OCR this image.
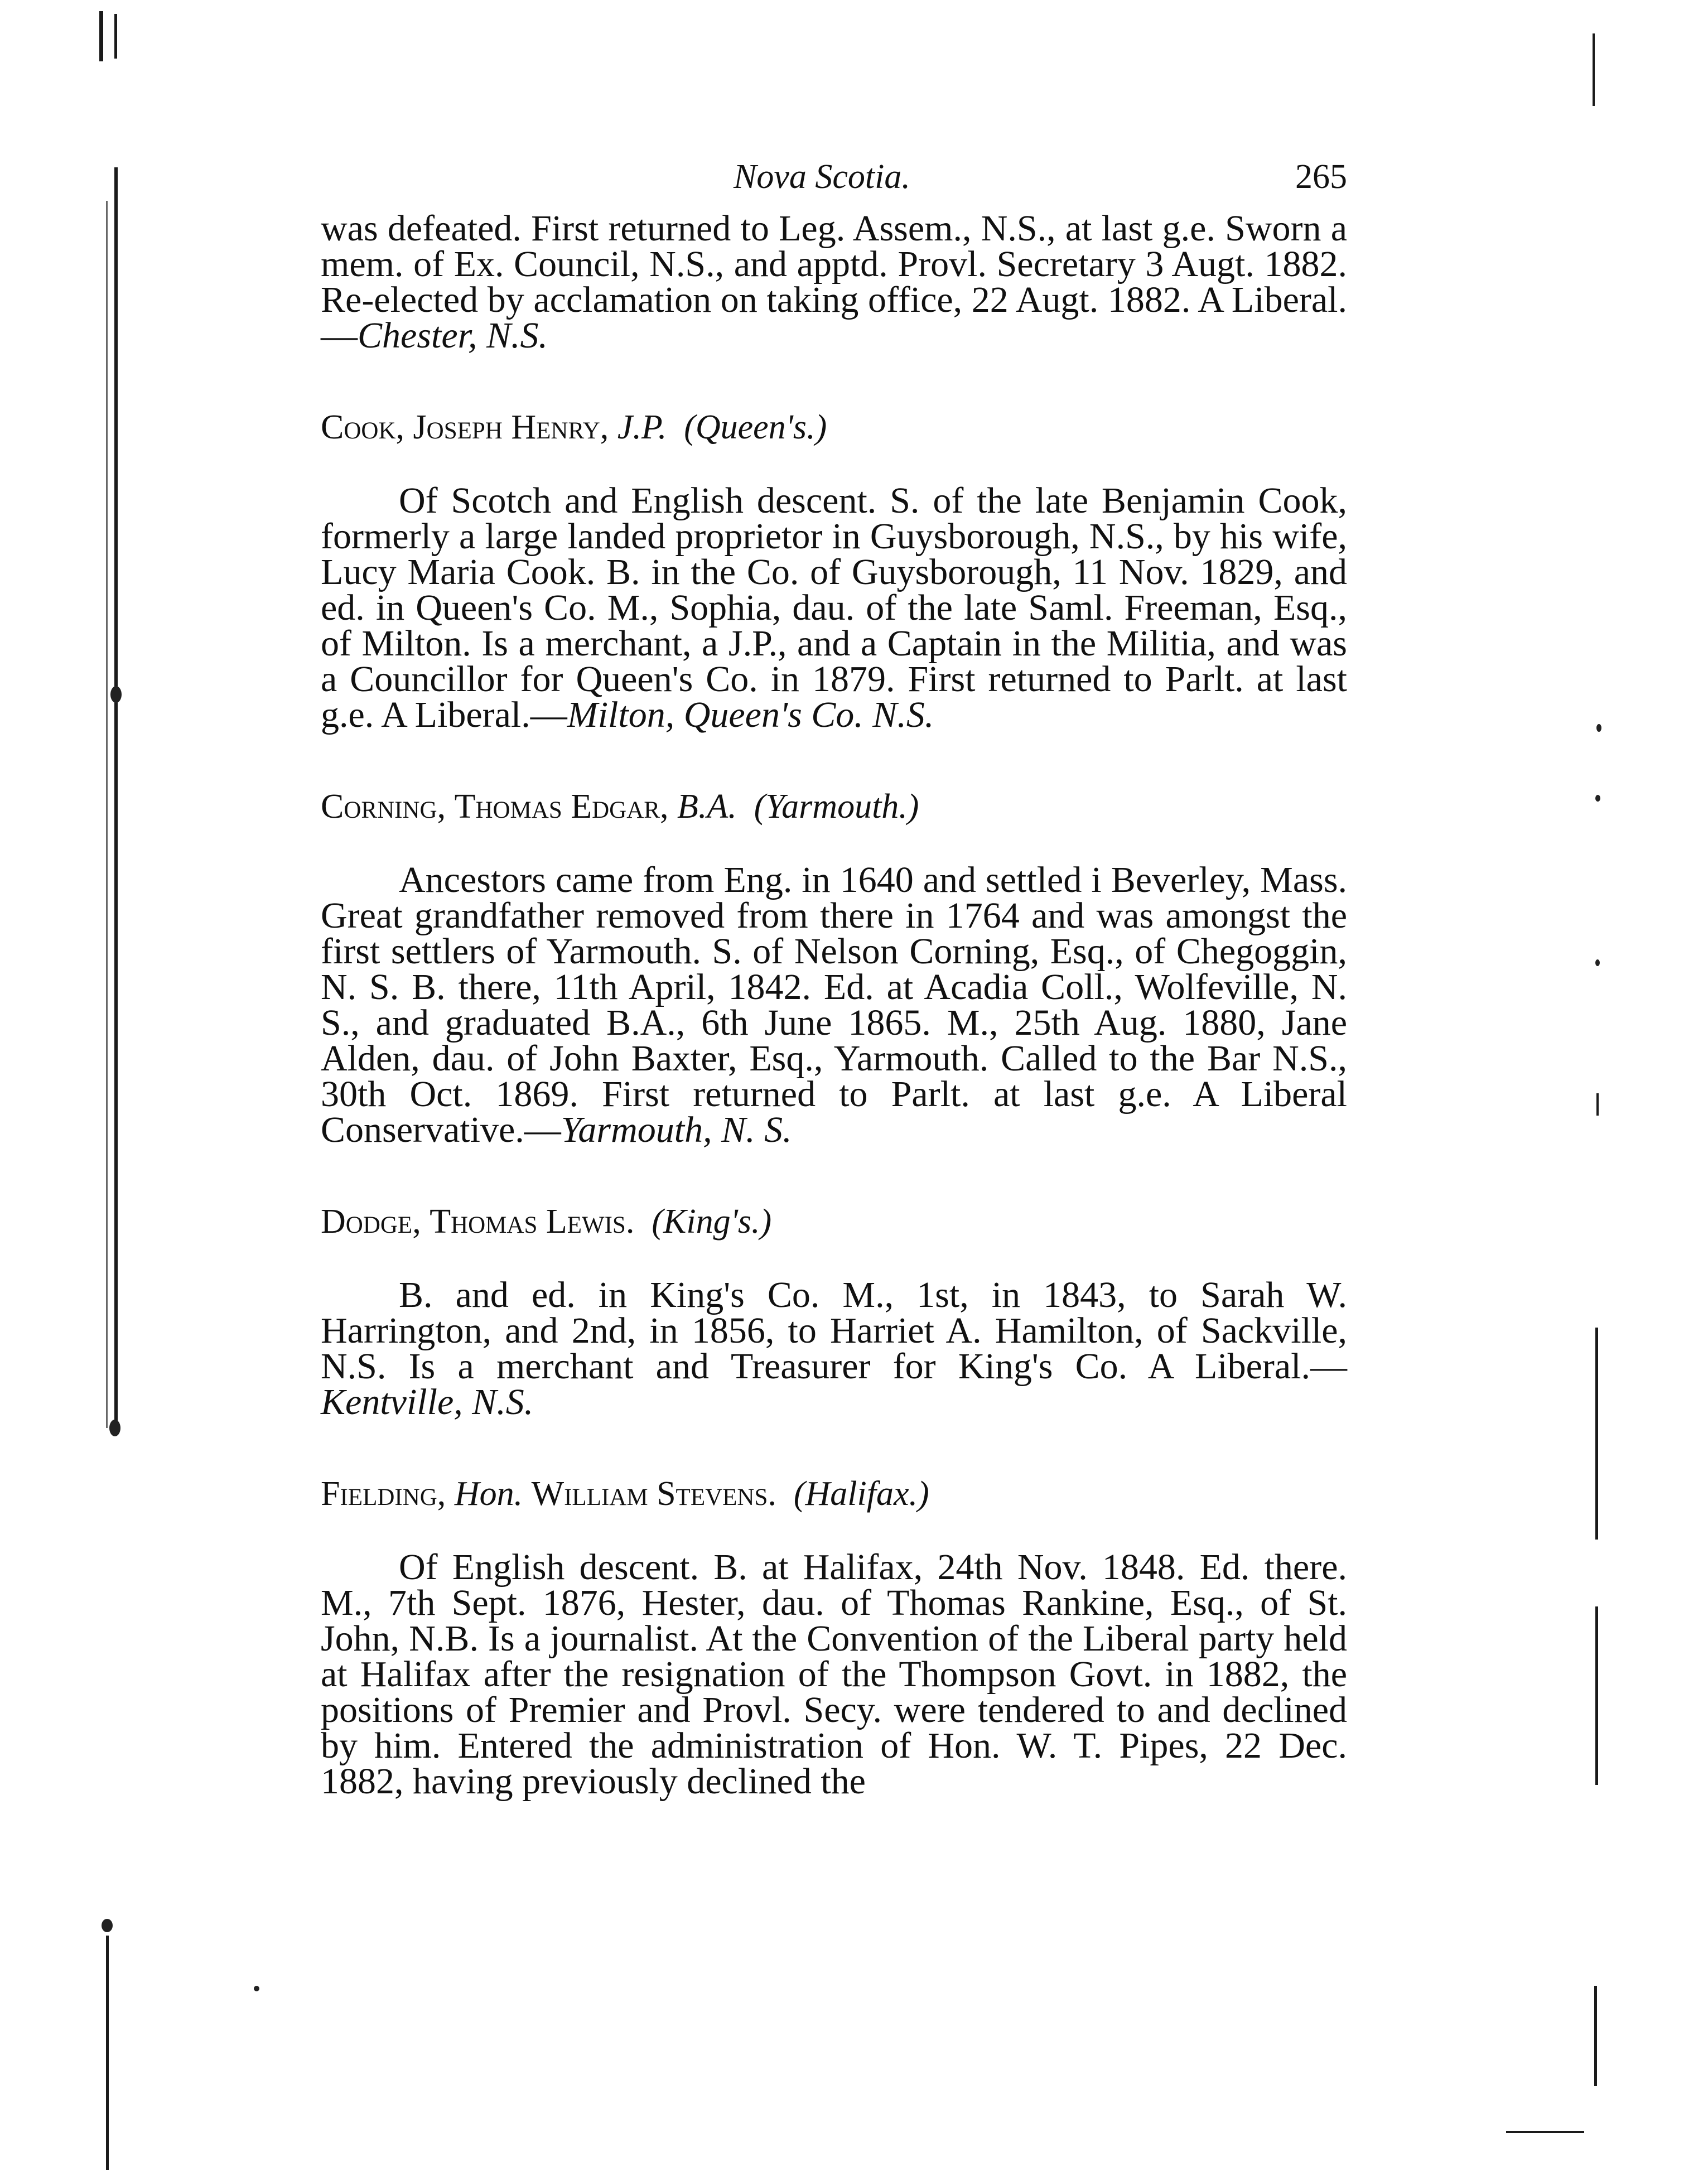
Nova Scotia.	265

was defeated. First returned to Leg. Assem., N.S., at last g.e. Sworn a mem. of Ex. Council, N.S., and apptd. Provl. Secretary 3 Augt. 1882. Re-elected by acclamation on taking office, 22 Augt. 1882. A Liberal.—Chester, N.S.

Cook, Joseph Henry, J.P. (Queen's.)

Of Scotch and English descent. S. of the late Benjamin Cook, formerly a large landed proprietor in Guysborough, N.S., by his wife, Lucy Maria Cook. B. in the Co. of Guysborough, 11 Nov. 1829, and ed. in Queen's Co. M., Sophia, dau. of the late Saml. Freeman, Esq., of Milton. Is a merchant, a J.P., and a Captain in the Militia, and was a Councillor for Queen's Co. in 1879. First returned to Parlt. at last g.e. A Liberal.—Milton, Queen's Co. N.S.

Corning, Thomas Edgar, B.A. (Yarmouth.)

Ancestors came from Eng. in 1640 and settled i Beverley, Mass. Great grandfather removed from there in 1764 and was amongst the first settlers of Yarmouth. S. of Nelson Corning, Esq., of Chegoggin, N. S. B. there, 11th April, 1842. Ed. at Acadia Coll., Wolfeville, N. S., and graduated B.A., 6th June 1865. M., 25th Aug. 1880, Jane Alden, dau. of John Baxter, Esq., Yarmouth. Called to the Bar N.S., 30th Oct. 1869. First returned to Parlt. at last g.e. A Liberal Conservative.—Yarmouth, N. S.

Dodge, Thomas Lewis. (King's.)

B. and ed. in King's Co. M., 1st, in 1843, to Sarah W. Harrington, and 2nd, in 1856, to Harriet A. Hamilton, of Sackville, N.S. Is a merchant and Treasurer for King's Co. A Liberal.—Kentville, N.S.

Fielding, Hon. William Stevens. (Halifax.)

Of English descent. B. at Halifax, 24th Nov. 1848. Ed. there. M., 7th Sept. 1876, Hester, dau. of Thomas Rankine, Esq., of St. John, N.B. Is a journalist. At the Convention of the Liberal party held at Halifax after the resignation of the Thompson Govt. in 1882, the positions of Premier and Provl. Secy. were tendered to and declined by him. Entered the administration of Hon. W. T. Pipes, 22 Dec. 1882, having previously declined the
